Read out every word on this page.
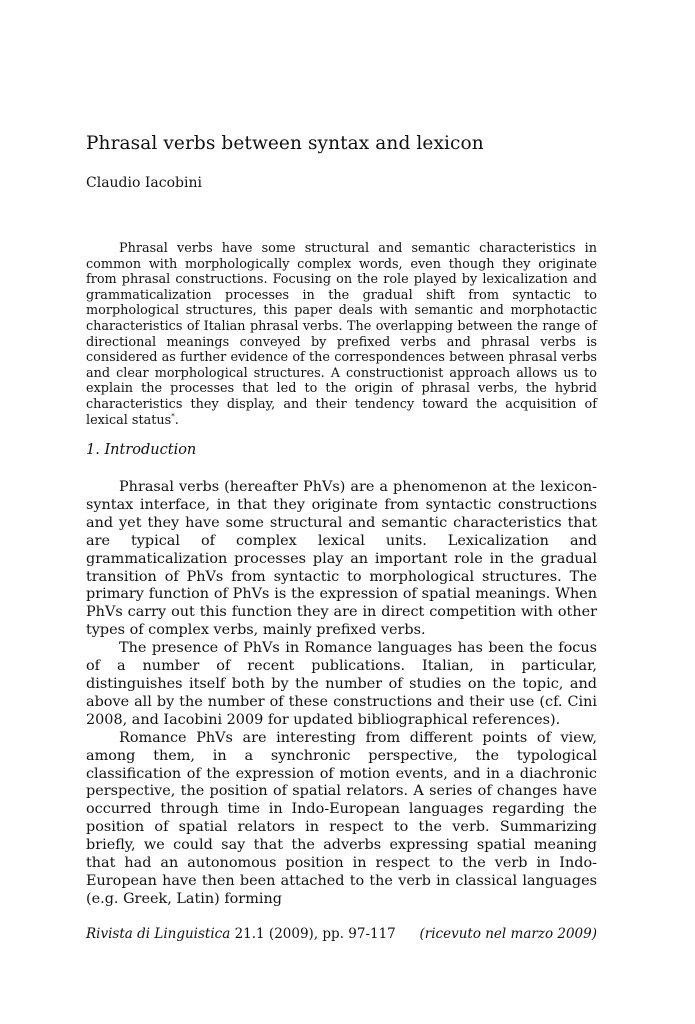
Phrasal verbs between syntax and lexicon
Claudio Iacobini

Phrasal verbs have some structural and semantic characteristics in common with morphologically complex words, even though they originate from phrasal constructions. Focusing on the role played by lexicalization and grammaticalization processes in the gradual shift from syntactic to morphological structures, this paper deals with semantic and morphotactic characteristics of Italian phrasal verbs. The overlapping between the range of directional meanings conveyed by prefixed verbs and phrasal verbs is considered as further evidence of the correspondences between phrasal verbs and clear morphological structures. A constructionist approach allows us to explain the processes that led to the origin of phrasal verbs, the hybrid characteristics they display, and their tendency toward the acquisition of lexical status*.

1. Introduction

Phrasal verbs (hereafter PhVs) are a phenomenon at the lexicon-syntax interface, in that they originate from syntactic constructions and yet they have some structural and semantic characteristics that are typical of complex lexical units. Lexicalization and grammaticalization processes play an important role in the gradual transition of PhVs from syntactic to morphological structures. The primary function of PhVs is the expression of spatial meanings. When PhVs carry out this function they are in direct competition with other types of complex verbs, mainly prefixed verbs.

The presence of PhVs in Romance languages has been the focus of a number of recent publications. Italian, in particular, distinguishes itself both by the number of studies on the topic, and above all by the number of these constructions and their use (cf. Cini 2008, and Iacobini 2009 for updated bibliographical references).

Romance PhVs are interesting from different points of view, among them, in a synchronic perspective, the typological classification of the expression of motion events, and in a diachronic perspective, the position of spatial relators. A series of changes have occurred through time in Indo-European languages regarding the position of spatial relators in respect to the verb. Summarizing briefly, we could say that the adverbs expressing spatial meaning that had an autonomous position in respect to the verb in Indo-European have then been attached to the verb in classical languages (e.g. Greek, Latin) forming

Rivista di Linguistica 21.1 (2009), pp. 97-117 (ricevuto nel marzo 2009)
